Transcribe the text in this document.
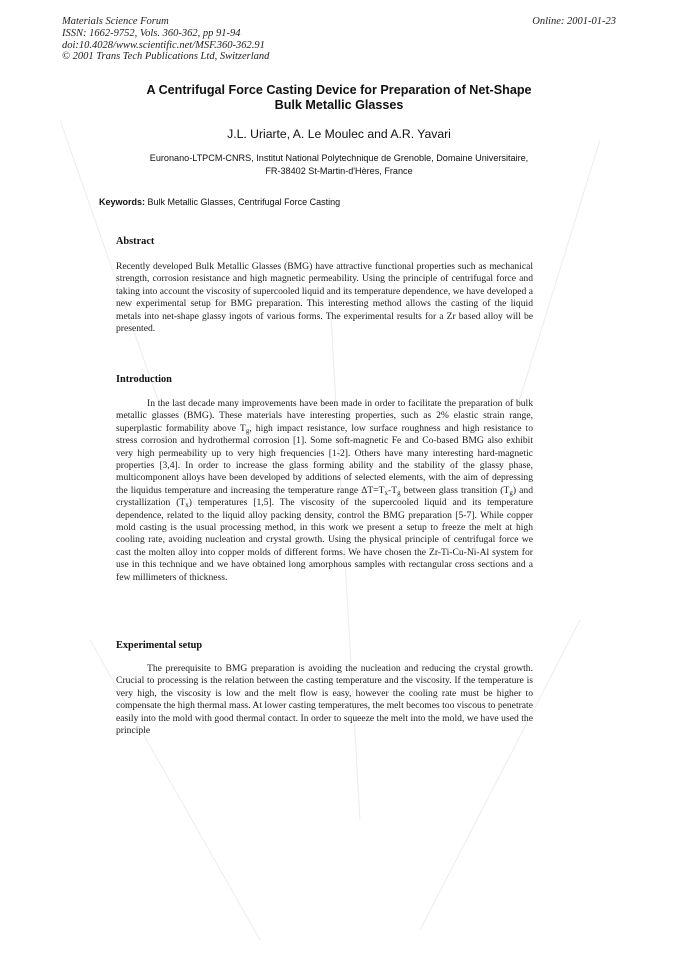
Materials Science Forum
ISSN: 1662-9752, Vols. 360-362, pp 91-94
doi:10.4028/www.scientific.net/MSF.360-362.91
© 2001 Trans Tech Publications Ltd, Switzerland
Online: 2001-01-23
A Centrifugal Force Casting Device for Preparation of Net-Shape
Bulk Metallic Glasses
J.L. Uriarte, A. Le Moulec and A.R. Yavari
Euronano-LTPCM-CNRS, Institut National Polytechnique de Grenoble, Domaine Universitaire,
FR-38402 St-Martin-d'Hères, France
Keywords: Bulk Metallic Glasses, Centrifugal Force Casting
Abstract
Recently developed Bulk Metallic Glasses (BMG) have attractive functional properties such as mechanical strength, corrosion resistance and high magnetic permeability. Using the principle of centrifugal force and taking into account the viscosity of supercooled liquid and its temperature dependence, we have developed a new experimental setup for BMG preparation. This interesting method allows the casting of the liquid metals into net-shape glassy ingots of various forms. The experimental results for a Zr based alloy will be presented.
Introduction
In the last decade many improvements have been made in order to facilitate the preparation of bulk metallic glasses (BMG). These materials have interesting properties, such as 2% elastic strain range, superplastic formability above $T_g$, high impact resistance, low surface roughness and high resistance to stress corrosion and hydrothermal corrosion [1]. Some soft-magnetic Fe and Co-based BMG also exhibit very high permeability up to very high frequencies [1-2]. Others have many interesting hard-magnetic properties [3,4]. In order to increase the glass forming ability and the stability of the glassy phase, multicomponent alloys have been developed by additions of selected elements, with the aim of depressing the liquidus temperature and increasing the temperature range $\Delta T=T_x-T_g$ between glass transition $(T_g)$ and crystallization $(T_x)$ temperatures [1,5]. The viscosity of the supercooled liquid and its temperature dependence, related to the liquid alloy packing density, control the BMG preparation [5-7]. While copper mold casting is the usual processing method, in this work we present a setup to freeze the melt at high cooling rate, avoiding nucleation and crystal growth. Using the physical principle of centrifugal force we cast the molten alloy into copper molds of different forms. We have chosen the Zr-Ti-Cu-Ni-Al system for use in this technique and we have obtained long amorphous samples with rectangular cross sections and a few millimeters of thickness.
Experimental setup
The prerequisite to BMG preparation is avoiding the nucleation and reducing the crystal growth. Crucial to processing is the relation between the casting temperature and the viscosity. If the temperature is very high, the viscosity is low and the melt flow is easy, however the cooling rate must be higher to compensate the high thermal mass. At lower casting temperatures, the melt becomes too viscous to penetrate easily into the mold with good thermal contact. In order to squeeze the melt into the mold, we have used the principle
